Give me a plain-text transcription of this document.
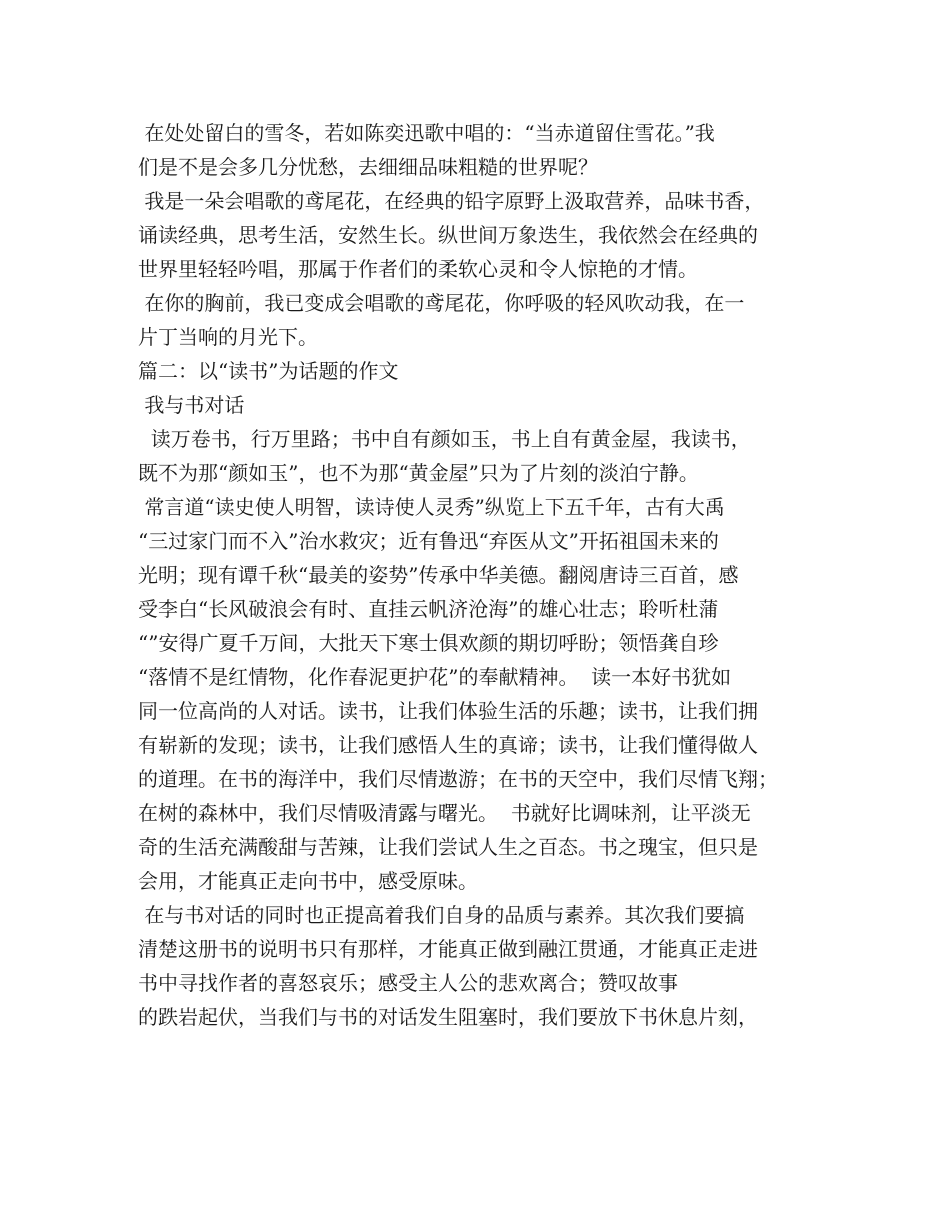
在处处留白的雪冬，若如陈奕迅歌中唱的：“当赤道留住雪花。”我
们是不是会多几分忧愁，去细细品味粗糙的世界呢？
我是一朵会唱歌的鸢尾花，在经典的铅字原野上汲取营养，品味书香，
诵读经典，思考生活，安然生长。纵世间万象迭生，我依然会在经典的
世界里轻轻吟唱，那属于作者们的柔软心灵和令人惊艳的才情。
在你的胸前，我已变成会唱歌的鸢尾花，你呼吸的轻风吹动我，在一
片丁当响的月光下。
篇二：以“读书”为话题的作文
我与书对话
读万卷书，行万里路；书中自有颜如玉，书上自有黄金屋，我读书，
既不为那“颜如玉”，也不为那“黄金屋”只为了片刻的淡泊宁静。
常言道“读史使人明智，读诗使人灵秀”纵览上下五千年，古有大禹
“三过家门而不入”治水救灾；近有鲁迅“弃医从文”开拓祖国未来的
光明；现有谭千秋“最美的姿势”传承中华美德。翻阅唐诗三百首，感
受李白“长风破浪会有时、直挂云帆济沧海”的雄心壮志；聆听杜蒲
“”安得广夏千万间，大批天下寒士俱欢颜的期切呼盼；领悟龚自珍
“落情不是红情物，化作春泥更护花”的奉献精神。  读一本好书犹如
同一位高尚的人对话。读书，让我们体验生活的乐趣；读书，让我们拥
有崭新的发现；读书，让我们感悟人生的真谛；读书，让我们懂得做人
的道理。在书的海洋中，我们尽情遨游；在书的天空中，我们尽情飞翔；
在树的森林中，我们尽情吸清露与曙光。  书就好比调味剂，让平淡无
奇的生活充满酸甜与苦辣，让我们尝试人生之百态。书之瑰宝，但只是
会用，才能真正走向书中，感受原味。
在与书对话的同时也正提高着我们自身的品质与素养。其次我们要搞
清楚这册书的说明书只有那样，才能真正做到融江贯通，才能真正走进
书中寻找作者的喜怒哀乐；感受主人公的悲欢离合；赞叹故事
的跌岩起伏，当我们与书的对话发生阻塞时，我们要放下书休息片刻，
